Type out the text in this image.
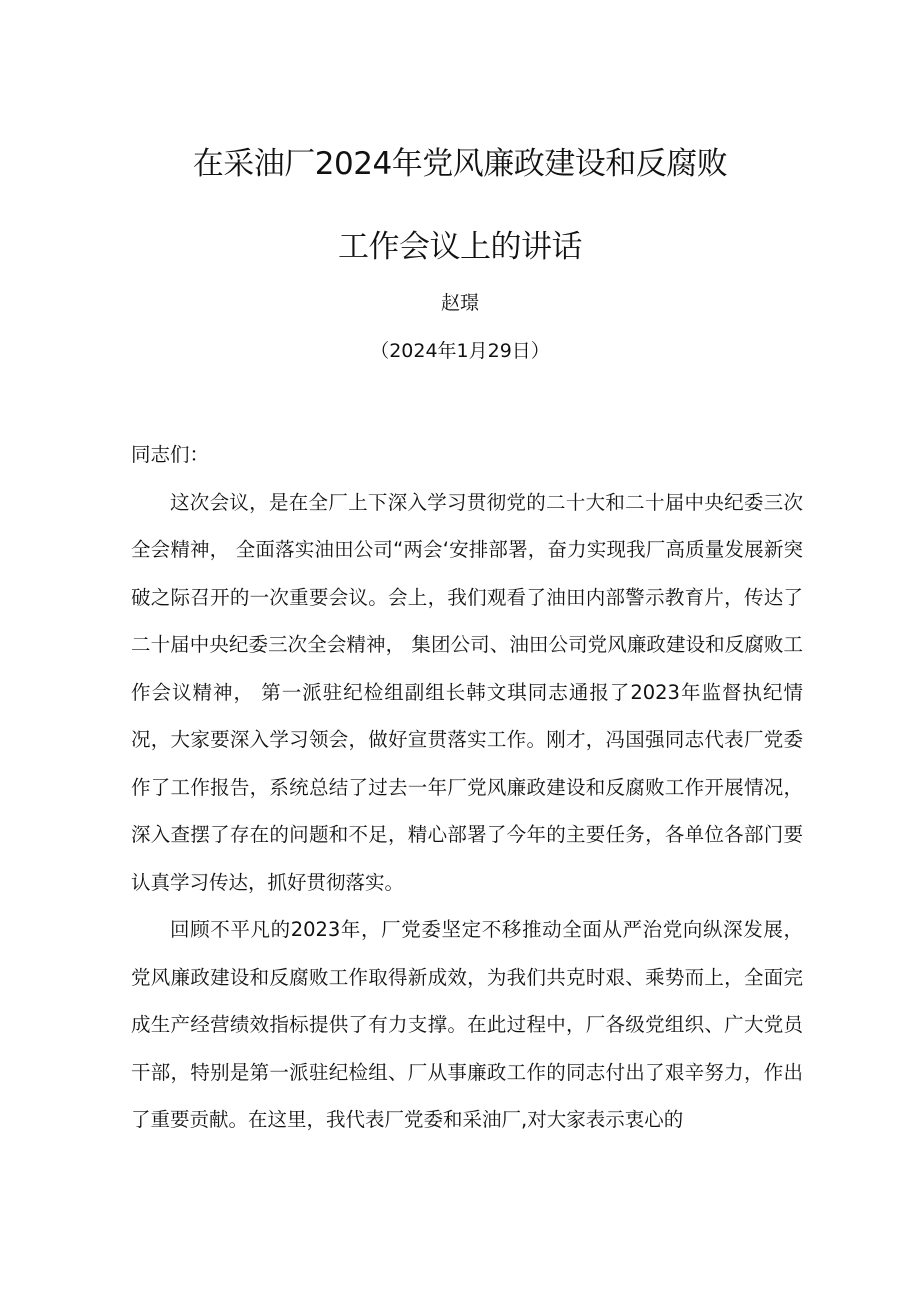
在采油厂2024年党风廉政建设和反腐败
工作会议上的讲话

赵璟

（2024年1月29日）

同志们：

这次会议，是在全厂上下深入学习贯彻党的二十大和二十届中央纪委三次全会精神， 全面落实油田公司“两会‘安排部署，奋力实现我厂高质量发展新突破之际召开的一次重要会议。会上，我们观看了油田内部警示教育片，传达了二十届中央纪委三次全会精神， 集团公司、油田公司党风廉政建设和反腐败工作会议精神， 第一派驻纪检组副组长韩文琪同志通报了2023年监督执纪情况，大家要深入学习领会，做好宣贯落实工作。刚才，冯国强同志代表厂党委作了工作报告，系统总结了过去一年厂党风廉政建设和反腐败工作开展情况，深入查摆了存在的问题和不足，精心部署了今年的主要任务，各单位各部门要认真学习传达，抓好贯彻落实。

回顾不平凡的2023年，厂党委坚定不移推动全面从严治党向纵深发展，党风廉政建设和反腐败工作取得新成效，为我们共克时艰、乘势而上，全面完成生产经营绩效指标提供了有力支撑。在此过程中，厂各级党组织、广大党员干部，特别是第一派驻纪检组、厂从事廉政工作的同志付出了艰辛努力，作出了重要贡献。在这里，我代表厂党委和采油厂,对大家表示衷心的
